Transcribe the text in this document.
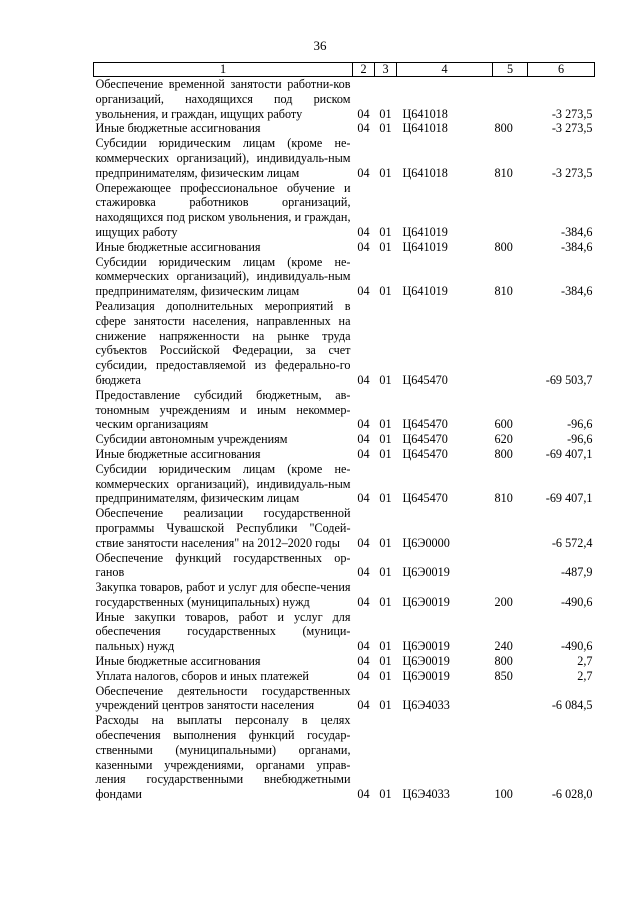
36
1	2	3	4	5	6
Обеспечение временной занятости работни-ков организаций, находящихся под риском увольнения, и граждан, ищущих работу	04	01	Ц641018		-3 273,5
Иные бюджетные ассигнования	04	01	Ц641018	800	-3 273,5
Субсидии юридическим лицам (кроме не-коммерческих организаций), индивидуаль-ным предпринимателям, физическим лицам	04	01	Ц641018	810	-3 273,5
Опережающее профессиональное обучение и стажировка работников организаций, находящихся под риском увольнения, и граждан, ищущих работу	04	01	Ц641019		-384,6
Иные бюджетные ассигнования	04	01	Ц641019	800	-384,6
Субсидии юридическим лицам (кроме не-коммерческих организаций), индивидуаль-ным предпринимателям, физическим лицам	04	01	Ц641019	810	-384,6
Реализация дополнительных мероприятий в сфере занятости населения, направленных на снижение напряженности на рынке труда субъектов Российской Федерации, за счет субсидии, предоставляемой из федерально-го бюджета	04	01	Ц645470		-69 503,7
Предоставление субсидий бюджетным, ав-тономным учреждениям и иным некоммер-ческим организациям	04	01	Ц645470	600	-96,6
Субсидии автономным учреждениям	04	01	Ц645470	620	-96,6
Иные бюджетные ассигнования	04	01	Ц645470	800	-69 407,1
Субсидии юридическим лицам (кроме не-коммерческих организаций), индивидуаль-ным предпринимателям, физическим лицам	04	01	Ц645470	810	-69 407,1
Обеспечение реализации государственной программы Чувашской Республики "Содей-ствие занятости населения" на 2012–2020 годы	04	01	Ц6Э0000		-6 572,4
Обеспечение функций государственных ор-ганов	04	01	Ц6Э0019		-487,9
Закупка товаров, работ и услуг для обеспе-чения государственных (муниципальных) нужд	04	01	Ц6Э0019	200	-490,6
Иные закупки товаров, работ и услуг для обеспечения государственных (муници-пальных) нужд	04	01	Ц6Э0019	240	-490,6
Иные бюджетные ассигнования	04	01	Ц6Э0019	800	2,7
Уплата налогов, сборов и иных платежей	04	01	Ц6Э0019	850	2,7
Обеспечение деятельности государственных учреждений центров занятости населения	04	01	Ц6Э4033		-6 084,5
Расходы на выплаты персоналу в целях обеспечения выполнения функций государ-ственными (муниципальными) органами, казенными учреждениями, органами управ-ления государственными внебюджетными фондами	04	01	Ц6Э4033	100	-6 028,0
